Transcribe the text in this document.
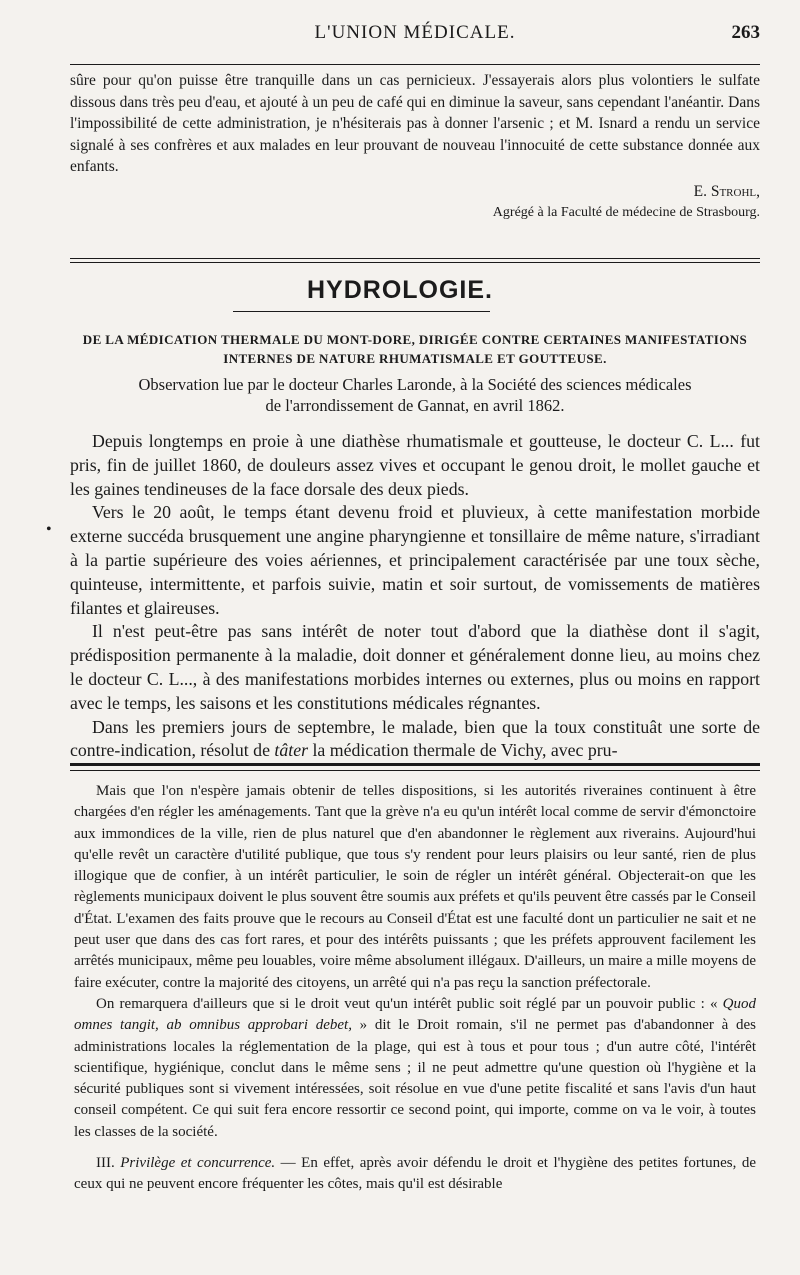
L'UNION MÉDICALE.	263

sûre pour qu'on puisse être tranquille dans un cas pernicieux. J'essayerais alors plus volontiers le sulfate dissous dans très peu d'eau, et ajouté à un peu de café qui en diminue la saveur, sans cependant l'anéantir. Dans l'impossibilité de cette administration, je n'hésiterais pas à donner l'arsenic ; et M. Isnard a rendu un service signalé à ses confrères et aux malades en leur prouvant de nouveau l'innocuité de cette substance donnée aux enfants.

E. Strohl,

Agrégé à la Faculté de médecine de Strasbourg.

HYDROLOGIE.
DE LA MÉDICATION THERMALE DU MONT-DORE, DIRIGÉE CONTRE CERTAINES MANIFESTATIONS INTERNES DE NATURE RHUMATISMALE ET GOUTTEUSE.
Observation lue par le docteur Charles Laronde, à la Société des sciences médicales
de l'arrondissement de Gannat, en avril 1862.
•

Depuis longtemps en proie à une diathèse rhumatismale et goutteuse, le docteur C. L... fut pris, fin de juillet 1860, de douleurs assez vives et occupant le genou droit, le mollet gauche et les gaines tendineuses de la face dorsale des deux pieds.

Vers le 20 août, le temps étant devenu froid et pluvieux, à cette manifestation morbide externe succéda brusquement une angine pharyngienne et tonsillaire de même nature, s'irradiant à la partie supérieure des voies aériennes, et principalement caractérisée par une toux sèche, quinteuse, intermittente, et parfois suivie, matin et soir surtout, de vomissements de matières filantes et glaireuses.

Il n'est peut-être pas sans intérêt de noter tout d'abord que la diathèse dont il s'agit, prédisposition permanente à la maladie, doit donner et généralement donne lieu, au moins chez le docteur C. L..., à des manifestations morbides internes ou externes, plus ou moins en rapport avec le temps, les saisons et les constitutions médicales régnantes.

Dans les premiers jours de septembre, le malade, bien que la toux constituât une sorte de contre-indication, résolut de tâter la médication thermale de Vichy, avec pru-

Mais que l'on n'espère jamais obtenir de telles dispositions, si les autorités riveraines continuent à être chargées d'en régler les aménagements. Tant que la grève n'a eu qu'un intérêt local comme de servir d'émonctoire aux immondices de la ville, rien de plus naturel que d'en abandonner le règlement aux riverains. Aujourd'hui qu'elle revêt un caractère d'utilité publique, que tous s'y rendent pour leurs plaisirs ou leur santé, rien de plus illogique que de confier, à un intérêt particulier, le soin de régler un intérêt général. Objecterait-on que les règlements municipaux doivent le plus souvent être soumis aux préfets et qu'ils peuvent être cassés par le Conseil d'État. L'examen des faits prouve que le recours au Conseil d'État est une faculté dont un particulier ne sait et ne peut user que dans des cas fort rares, et pour des intérêts puissants ; que les préfets approuvent facilement les arrêtés municipaux, même peu louables, voire même absolument illégaux. D'ailleurs, un maire a mille moyens de faire exécuter, contre la majorité des citoyens, un arrêté qui n'a pas reçu la sanction préfectorale.

On remarquera d'ailleurs que si le droit veut qu'un intérêt public soit réglé par un pouvoir public : « Quod omnes tangit, ab omnibus approbari debet, » dit le Droit romain, s'il ne permet pas d'abandonner à des administrations locales la réglementation de la plage, qui est à tous et pour tous ; d'un autre côté, l'intérêt scientifique, hygiénique, conclut dans le même sens ; il ne peut admettre qu'une question où l'hygiène et la sécurité publiques sont si vivement intéressées, soit résolue en vue d'une petite fiscalité et sans l'avis d'un haut conseil compétent. Ce qui suit fera encore ressortir ce second point, qui importe, comme on va le voir, à toutes les classes de la société.

III. Privilège et concurrence. — En effet, après avoir défendu le droit et l'hygiène des petites fortunes, de ceux qui ne peuvent encore fréquenter les côtes, mais qu'il est désirable
